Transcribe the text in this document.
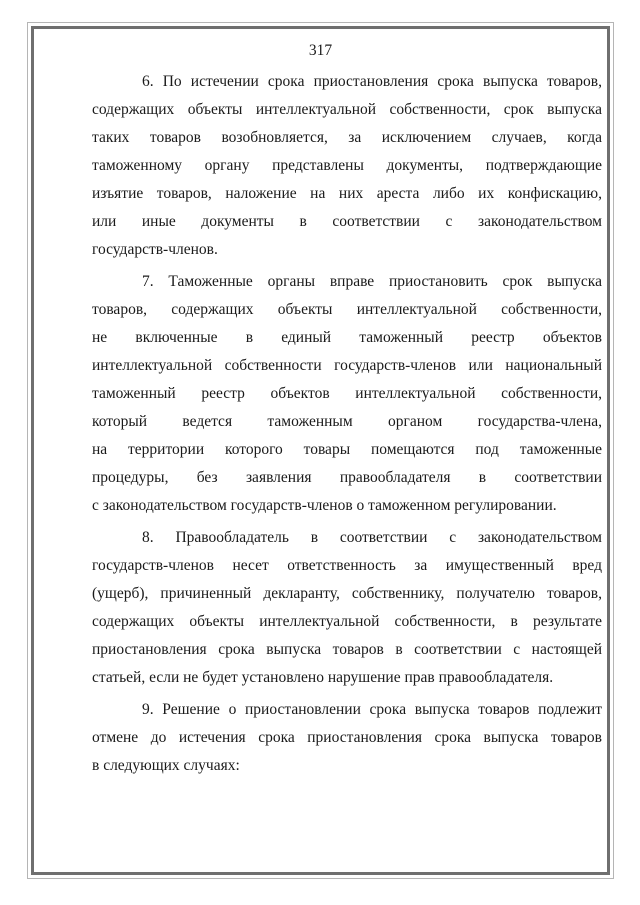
317

6. По истечении срока приостановления срока выпуска товаров,
содержащих объекты интеллектуальной собственности, срок выпуска
таких товаров возобновляется, за исключением случаев, когда
таможенному органу представлены документы, подтверждающие
изъятие товаров, наложение на них ареста либо их конфискацию,
или иные документы в соответствии с законодательством
государств-членов.

7. Таможенные органы вправе приостановить срок выпуска
товаров, содержащих объекты интеллектуальной собственности,
не включенные в единый таможенный реестр объектов
интеллектуальной собственности государств-членов или национальный
таможенный реестр объектов интеллектуальной собственности,
который ведется таможенным органом государства-члена,
на территории которого товары помещаются под таможенные
процедуры, без заявления правообладателя в соответствии
с законодательством государств-членов о таможенном регулировании.

8. Правообладатель в соответствии с законодательством
государств-членов несет ответственность за имущественный вред
(ущерб), причиненный декларанту, собственнику, получателю товаров,
содержащих объекты интеллектуальной собственности, в результате
приостановления срока выпуска товаров в соответствии с настоящей
статьей, если не будет установлено нарушение прав правообладателя.

9. Решение о приостановлении срока выпуска товаров подлежит
отмене до истечения срока приостановления срока выпуска товаров
в следующих случаях:
